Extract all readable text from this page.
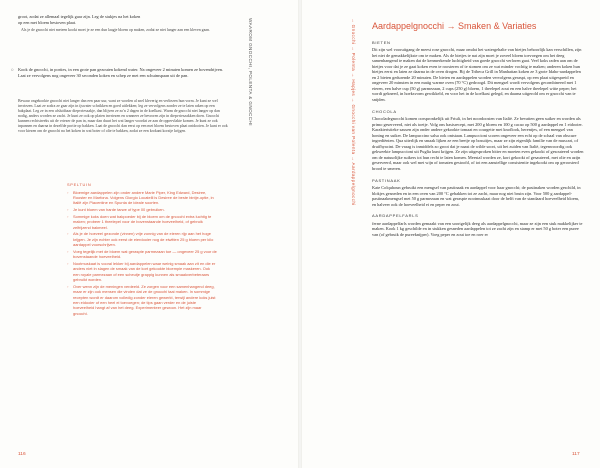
groot, zodat ze allemaal tegelijk gaar zijn. Leg de stukjes na het koken

op een met bloem bestoven plaat.

Als je de gnocchi niet meteen kookt moet je ze een dun laagje bloem op maken, zodat ze niet langer aan een kleven gaan.

○ Kook de gnocchi, in porties, in een grote pan gezouten kokend water. Na ongeveer 2 minuten komen ze bovendrijven. Laat ze vervolgens nog ongeveer 30 seconden koken en schep ze met een schuimspaan uit de pan.
Bewaar ongekookte gnocchi niet langer dan een paar uur, want ze worden al snel kleverig en verliezen hun vorm. Je kunt ze wel invriezen. Laat ze zodra ze gaar zijn in ijswater schrikken en goed uitlekken; leg ze vervolgens zonder ze te laten raken op een bakplaat. Leg ze in een afsluitbaar diepvrieszakje, dan blijven ze zo'n 2 dagen in de koelkast. Warm de gnocchi niet langer op dan nodig, anders worden ze zacht. Je kunt ze ook op platen invriezen en wanneer ze bevroren zijn in diepvrieszakken doen. Gnocchi kunnen rechtstreeks uit de vriezer de pan in, maar dan duurt het wat langer voordat ze aan de oppervlakte komen. Je kunt ze ook inpannen en daarna in dezelfde portie op bakken. Laat de gnocchi dan eerst op een met bloem bestoven plaat ontdooien. Je kunt er ook voor kiezen om de gnocchi na het koken in wat boter of olie te bakken, zodat ze een krokant korstje krijgen.
SPELTUIN
◦ Bloemige aardappelen zijn onder andere Marie Piper, King Edward, Desiree, Rooster en Marfona. Volgens Giorgio Locatelli is Desiree de beste bintje-optie, in Italië zijn Piacentine en Spunta de ideale soorten.
◦ Je kunt bloem van harde tarwe of type 00 gebruiken.
◦ Sommige koks doen wat bakpoeder bij de bloem om de gnocchi extra luchtig te maken; probeer 1 theelepel voor de bovenstaande hoeveelheid, of gebruik zelfrijzend bakmeel.
◦ Als je de hoeveel gezonde (vinnen) vrije zonnig van de eieren rijp aan het hoge krijgen. Je zijn echter ook eerst de eierdooier nog de eiwitten 25 g bloem per kilo aardappel voorschrijven.
◦ Voeg tegelijk met de bloem wat geraspte parmezaan toe — ongeveer 25 g voor de bovenstaande hoeveelheid.
◦ Nootmuskaat is vooral lekker bij aardappelen waar weinig smaak aan zit en die er anders niet in slagen de smaak van de kort gekookte bloempie maskeren. Ook een royale parmezaan of een scheutje grappig kunnen als smaakverbeteraars gebruikt worden.
◦ Over wenn zijn de meningen verdeeld. Ze zorgen voor een samenhangend deeg, maar er zijn ook mensen die vinden dat ze de gnocchi taai maken. In sommige recepten wordt er daarom volledig zonder eieren gewerkt, terwijl andere koks juist een eidooier of een heel ei toevoegen; de tips gaan verder en de juiste hoeveelheid hangt af van het deeg. Experimenteer gewoon. Het zijn maar gnocchi.
WAAROM GNOCCHI, POLENTA & GNOCCHI
116
→ Gnocchi → Polenta → Hapjes → Gnocchi van Polenta → Aardappelgnocchi Aardappelgnocchi → Smaken & Variaties
BIETEN

Dit zijn wel vooruitgang de meest rose gnocchi, maar omdat het watergehalte van bietjes behoorlijk kan verschillen, zijn het niet de gemakkelijkste om te maken. Als de bietjes te nat zijn moet je zoveel bloem toevoegen om het deeg samenhangend te maken dat de kenmerkende luchtigheid van goede gnocchi verloren gaat. Veel koks raden aan om de bietjes voor dat je ze gaat koken even te roosteren of te stomen om ze wat minder vochtig te maken; anderen koken hun bietjes eerst en laten ze daarna in de oven drogen. Bij de Tribeca Grill in Manhattan koken ze 3 grote Idaho-aardappelen en 2 bieten gedurende 20 minuten. De bieten en aardappelen worden vervolgens geraspt, op een plaat uitgespreid en ongeveer 20 minuten in een matig warme oven (70 °C) gedroogd. Dit mengsel wordt vervolgens gecombineerd met 1 eieren, een halve cup (50 g) parmezaan, 2 cups (250 g) bloem, 1 theelepel zout en een halve theelepel witte peper; het wordt gekneed, in hoeksvorm gewikkeld, en voor het in de koelkast gelegd, en daarna uitgerold om er gnocchi van te snijden.

CHOCOLA

Chocoladegnocchi komen oorspronkelijk uit Friuli, in het noordoosten van Italië. Ze bevatten geen suiker en worden als primo geserveerd, niet als toetje. Volg ons basisrecept, met 200 g bloem en 100 g cacao op 500 g aardappel en 1 eidooier. Karakteristieke sausen zijn onder andere gekookte tomaat en courgette met knoflook, herentjes, of een mengsel van honing en suiker. De lampuccino salsa ook ontstaan. Lampuccioni scoren ongeveer een echt op de schaal van obscure ingrediënten. Qua uiterlijk en smaak lijken ze een beetje op bosuitjes, maar ze zijn eigenlijk familie van de muscari, of druifhyacint. De vraag is inmiddels zo groot dat je naast de wilde soort, uit het zuiden van Italië, tegenwoordig ook gekweekte lampuccioni uit Puglia kunt krijgen. Ze zijn uitgesproken bitter en moeten even gekookt of gesouteerd worden om de natuurlijke suikers tot hun recht te laten komen. Meestal worden ze, kort gekookt of gesauteerd, met olie en azijn geserveerd, maar ook wel met wijn of tomaten gestoofd, of tot een aanstellige consistentie ingekookt om op geroosterd brood te smeren.

PASTINAAK

Kate Colquhoun gebruikt een mengsel van pastinaak en aardappel voor haar gnocchi; de pastinaken worden geschild, in blokjes gesneden en in een oven van 200 °C gebakken tot ze zacht, maar nog niet bruin zijn. Voor 500 g aardappel-pastinaakmengsel met 50 g parmezaan en wat geraspte nootmuskaat door de helft van de standaard hoeveelheid bloem, en halveer ook de hoeveelheid ei en peper en zout.

AARDAPPELFARLS

ferne aardappelfarls worden gemaakt van een soortgelijk deeg als aardappelgnocchi, maar ze zijn een stuk makkelijker te maken. Kook 1 kg geschilde en in stukken gesneden aardappelen tot ze zacht zijn en stamp er met 50 g boter een puree van (of gebruik de pureeknijper). Voeg peper en zout toe en roer er

117
